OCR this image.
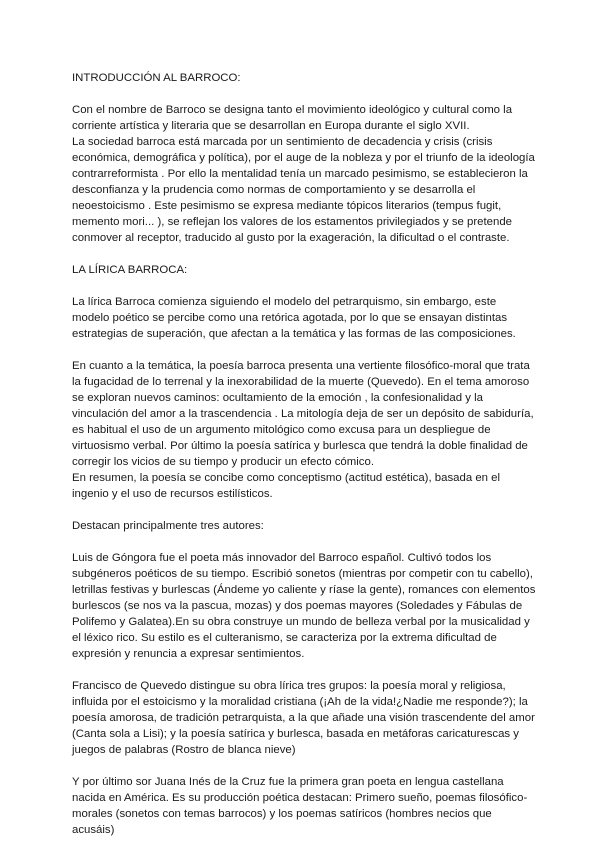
INTRODUCCIÓN AL BARROCO:

Con el nombre de Barroco se designa tanto el movimiento ideológico y cultural como la corriente artística y literaria que se desarrollan en Europa durante el siglo XVII.

La sociedad barroca está marcada por un sentimiento de decadencia y crisis (crisis económica, demográfica y política), por el auge de la nobleza y por el triunfo de la ideología contrarreformista . Por ello la mentalidad tenía un marcado pesimismo, se establecieron la desconfianza y la prudencia como normas de comportamiento y se desarrolla el neoestoicismo . Este pesimismo se expresa mediante tópicos literarios (tempus fugit, memento mori... ), se reflejan los valores de los estamentos privilegiados y se pretende conmover al receptor, traducido al gusto por la exageración, la dificultad o el contraste.

LA LÍRICA BARROCA:

La lírica Barroca comienza siguiendo el modelo del petrarquismo, sin embargo, este modelo poético se percibe como una retórica agotada, por lo que se ensayan distintas estrategias de superación, que afectan a la temática y las formas de las composiciones.

En cuanto a la temática, la poesía barroca presenta una vertiente filosófico-moral que trata la fugacidad de lo terrenal y la inexorabilidad de la muerte (Quevedo). En el tema amoroso se exploran nuevos caminos: ocultamiento de la emoción , la confesionalidad y la vinculación del amor a la trascendencia . La mitología deja de ser un depósito de sabiduría, es habitual el uso de un argumento mitológico como excusa para un despliegue de virtuosismo verbal. Por último la poesía satírica y burlesca que tendrá la doble finalidad de corregir los vicios de su tiempo y producir un efecto cómico.

En resumen, la poesía se concibe como conceptismo (actitud estética), basada en el ingenio y el uso de recursos estilísticos.

Destacan principalmente tres autores:

Luis de Góngora fue el poeta más innovador del Barroco español. Cultivó todos los subgéneros poéticos de su tiempo. Escribió sonetos (mientras por competir con tu cabello), letrillas festivas y burlescas (Ándeme yo caliente y ríase la gente), romances con elementos burlescos (se nos va la pascua, mozas) y dos poemas mayores (Soledades y Fábulas de Polifemo y Galatea).En su obra construye un mundo de belleza verbal por la musicalidad y el léxico rico. Su estilo es el culteranismo, se caracteriza por la extrema dificultad de expresión y renuncia a expresar sentimientos.

Francisco de Quevedo distingue su obra lírica tres grupos: la poesía moral y religiosa, influida por el estoicismo y la moralidad cristiana (¡Ah de la vida!¿Nadie me responde?); la poesía amorosa, de tradición petrarquista, a la que añade una visión trascendente del amor (Canta sola a Lisi); y la poesía satírica y burlesca, basada en metáforas caricaturescas y juegos de palabras (Rostro de blanca nieve)

Y por último sor Juana Inés de la Cruz fue la primera gran poeta en lengua castellana nacida en América. Es su producción poética destacan: Primero sueño, poemas filosófico-morales (sonetos con temas barrocos) y los poemas satíricos (hombres necios que acusáis)
